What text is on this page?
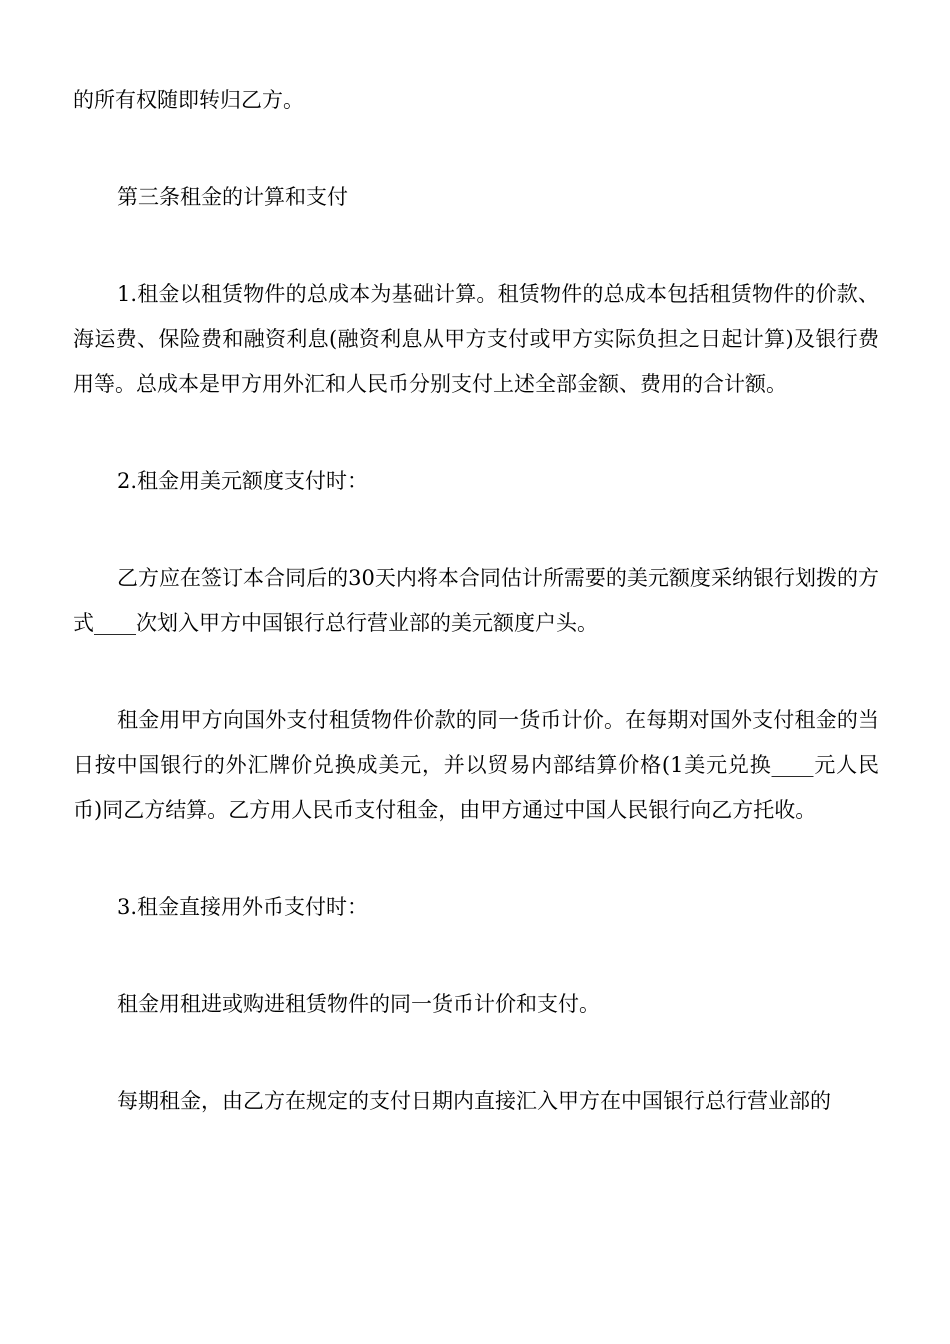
的所有权随即转归乙方。

第三条租金的计算和支付

1.租金以租赁物件的总成本为基础计算。租赁物件的总成本包括租赁物件的价款、海运费、保险费和融资利息(融资利息从甲方支付或甲方实际负担之日起计算)及银行费用等。总成本是甲方用外汇和人民币分别支付上述全部金额、费用的合计额。

2.租金用美元额度支付时：

乙方应在签订本合同后的30天内将本合同估计所需要的美元额度采纳银行划拨的方式____次划入甲方中国银行总行营业部的美元额度户头。

租金用甲方向国外支付租赁物件价款的同一货币计价。在每期对国外支付租金的当日按中国银行的外汇牌价兑换成美元，并以贸易内部结算价格(1美元兑换____元人民币)同乙方结算。乙方用人民币支付租金，由甲方通过中国人民银行向乙方托收。

3.租金直接用外币支付时：

租金用租进或购进租赁物件的同一货币计价和支付。

每期租金，由乙方在规定的支付日期内直接汇入甲方在中国银行总行营业部的
